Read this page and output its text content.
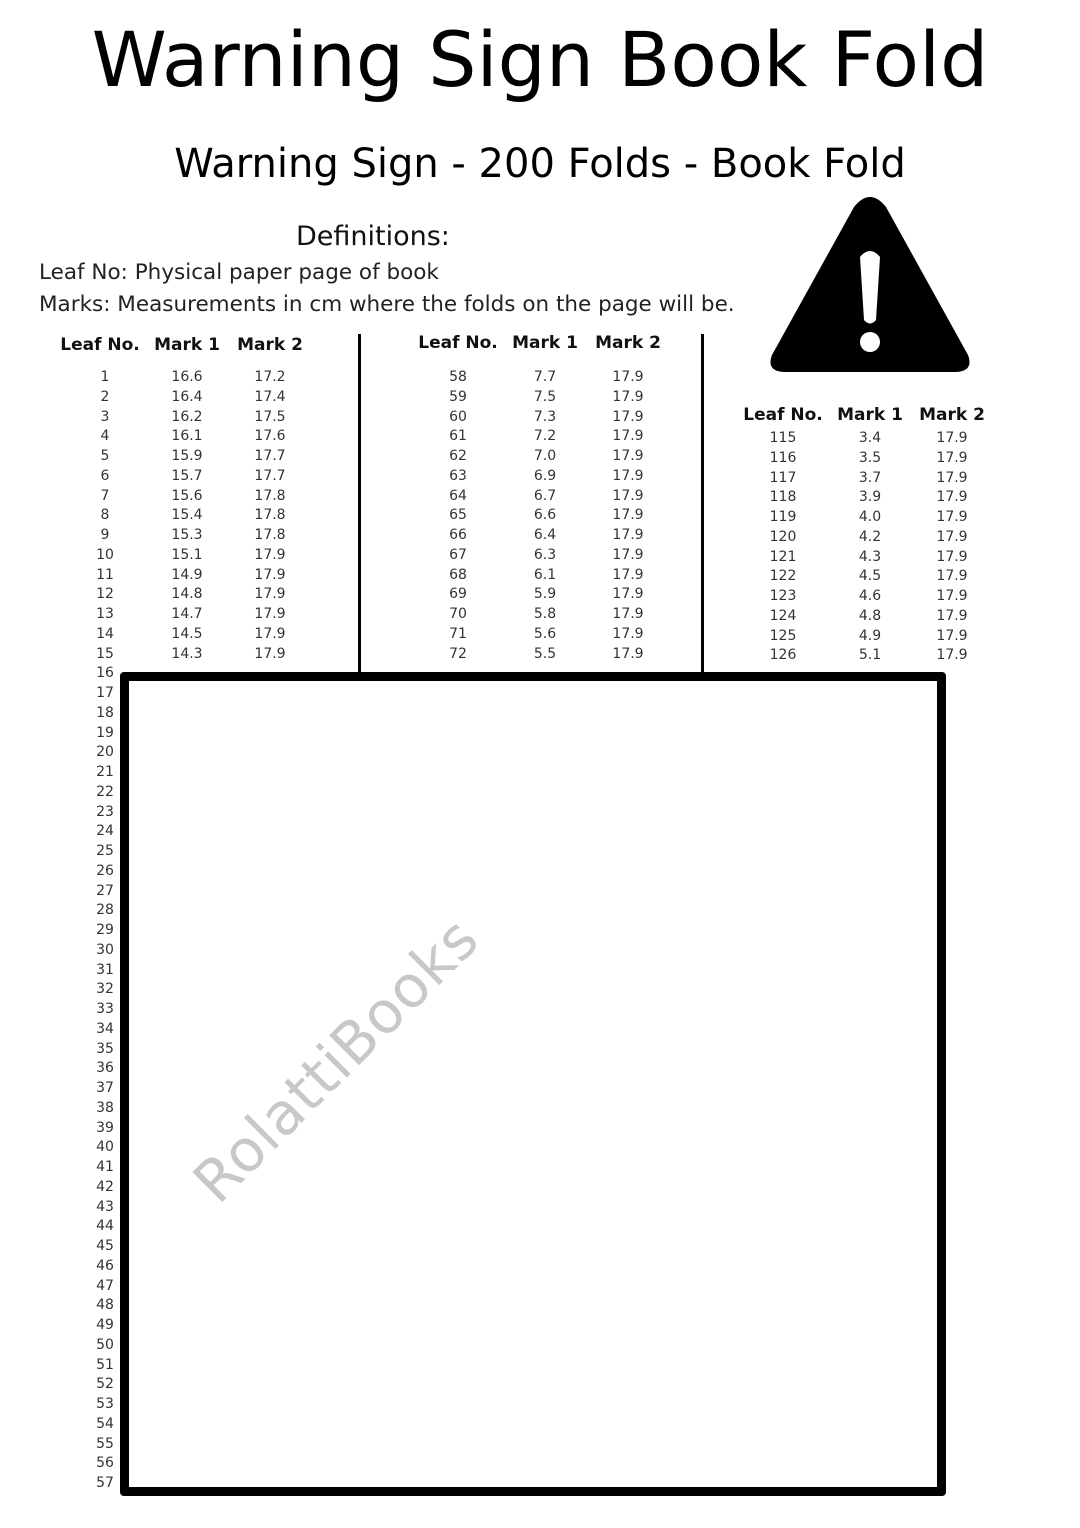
Warning Sign Book Fold
Warning Sign - 200 Folds - Book Fold
Definitions:
Leaf No: Physical paper page of book
Marks: Measurements in cm where the folds on the page will be.
Leaf No. Mark 1 Mark 2
1	16.6	17.2
2	16.4	17.4
3	16.2	17.5
4	16.1	17.6
5	15.9	17.7
6	15.7	17.7
7	15.6	17.8
8	15.4	17.8
9	15.3	17.8
10	15.1	17.9
11	14.9	17.9
12	14.8	17.9
13	14.7	17.9
14	14.5	17.9
15	14.3	17.9
16
17
18
19
20
21
22
23
24
25
26
27
28
29
30
31
32
33
34
35
36
37
38
39
40
41
42
43
44
45
46
47
48
49
50
51
52
53
54
55
56
57
Leaf No. Mark 1 Mark 2
58	7.7	17.9
59	7.5	17.9
60	7.3	17.9
61	7.2	17.9
62	7.0	17.9
63	6.9	17.9
64	6.7	17.9
65	6.6	17.9
66	6.4	17.9
67	6.3	17.9
68	6.1	17.9
69	5.9	17.9
70	5.8	17.9
71	5.6	17.9
72	5.5	17.9
Leaf No. Mark 1 Mark 2
115	3.4	17.9
116	3.5	17.9
117	3.7	17.9
118	3.9	17.9
119	4.0	17.9
120	4.2	17.9
121	4.3	17.9
122	4.5	17.9
123	4.6	17.9
124	4.8	17.9
125	4.9	17.9
126	5.1	17.9
RolattiBooks
